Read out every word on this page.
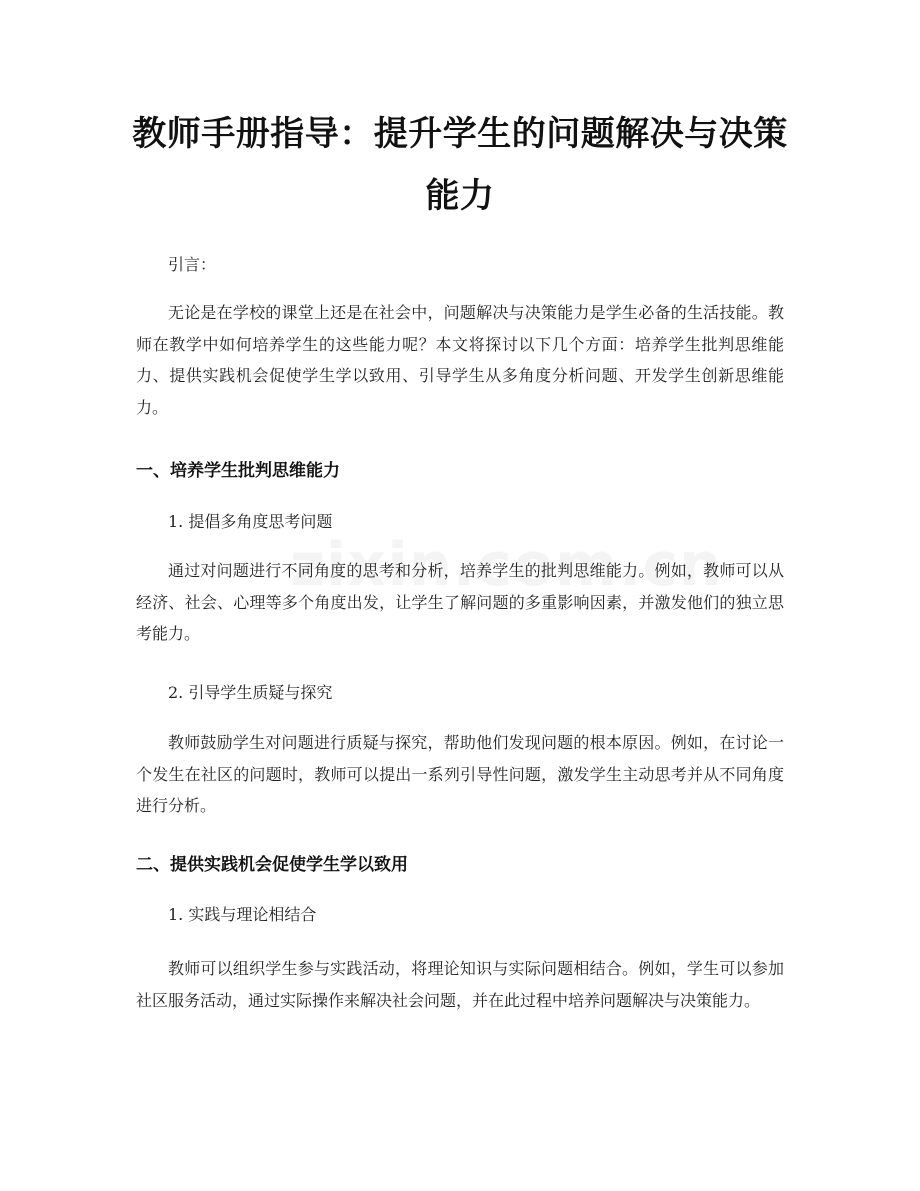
教师手册指导：提升学生的问题解决与决策能力
引言：
无论是在学校的课堂上还是在社会中，问题解决与决策能力是学生必备的生活技能。教师在教学中如何培养学生的这些能力呢？本文将探讨以下几个方面：培养学生批判思维能力、提供实践机会促使学生学以致用、引导学生从多角度分析问题、开发学生创新思维能力。
一、培养学生批判思维能力
1. 提倡多角度思考问题
通过对问题进行不同角度的思考和分析，培养学生的批判思维能力。例如，教师可以从经济、社会、心理等多个角度出发，让学生了解问题的多重影响因素，并激发他们的独立思考能力。
2. 引导学生质疑与探究
教师鼓励学生对问题进行质疑与探究，帮助他们发现问题的根本原因。例如，在讨论一个发生在社区的问题时，教师可以提出一系列引导性问题，激发学生主动思考并从不同角度进行分析。
二、提供实践机会促使学生学以致用
1. 实践与理论相结合
教师可以组织学生参与实践活动，将理论知识与实际问题相结合。例如，学生可以参加社区服务活动，通过实际操作来解决社会问题，并在此过程中培养问题解决与决策能力。
